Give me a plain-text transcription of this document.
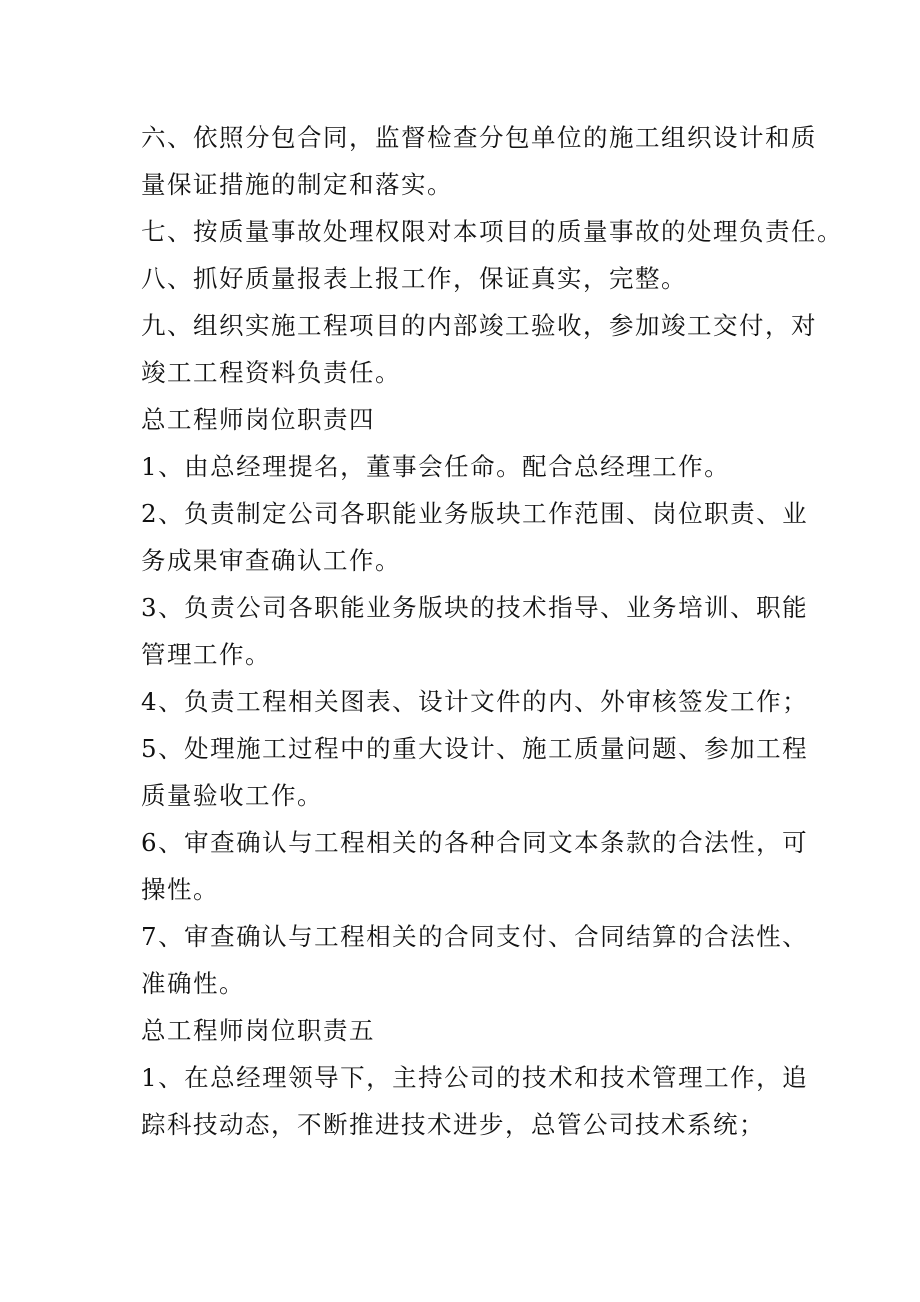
六、依照分包合同，监督检查分包单位的施工组织设计和质
量保证措施的制定和落实。
七、按质量事故处理权限对本项目的质量事故的处理负责任。
八、抓好质量报表上报工作，保证真实，完整。
九、组织实施工程项目的内部竣工验收，参加竣工交付，对
竣工工程资料负责任。
总工程师岗位职责四
1、由总经理提名，董事会任命。配合总经理工作。
2、负责制定公司各职能业务版块工作范围、岗位职责、业
务成果审查确认工作。
3、负责公司各职能业务版块的技术指导、业务培训、职能
管理工作。
4、负责工程相关图表、设计文件的内、外审核签发工作；
5、处理施工过程中的重大设计、施工质量问题、参加工程
质量验收工作。
6、审查确认与工程相关的各种合同文本条款的合法性，可
操性。
7、审查确认与工程相关的合同支付、合同结算的合法性、
准确性。
总工程师岗位职责五
1、在总经理领导下，主持公司的技术和技术管理工作，追
踪科技动态，不断推进技术进步，总管公司技术系统；
